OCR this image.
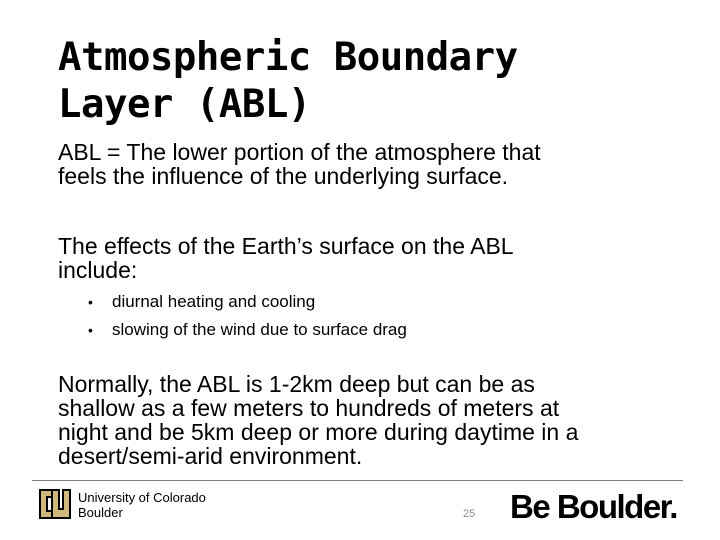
Atmospheric Boundary
Layer (ABL)

ABL = The lower portion of the atmosphere that
feels the influence of the underlying surface.

The effects of the Earth’s surface on the ABL
include:

• diurnal heating and cooling
• slowing of the wind due to surface drag

Normally, the ABL is 1-2km deep but can be as
shallow as a few meters to hundreds of meters at
night and be 5km deep or more during daytime in a
desert/semi-arid environment.

University of Colorado
Boulder	25 Be Boulder.
